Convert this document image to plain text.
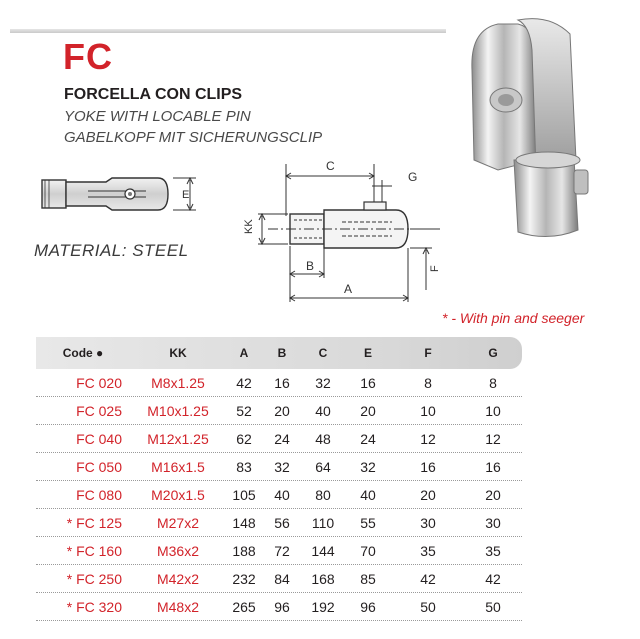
FC
FORCELLA CON CLIPS
YOKE WITH LOCABLE PIN
GABELKOPF MIT SICHERUNGSCLIP
E
C
G
KK
B
A
F
MATERIAL: STEEL
* - With pin and seeger
Code ●	KK	A	B	C	E	F	G
FC 020	M8x1.25	42	16	32	16	8	8
FC 025	M10x1.25	52	20	40	20	10	10
FC 040	M12x1.25	62	24	48	24	12	12
FC 050	M16x1.5	83	32	64	32	16	16
FC 080	M20x1.5	105	40	80	40	20	20
* FC 125	M27x2	148	56	110	55	30	30
* FC 160	M36x2	188	72	144	70	35	35
* FC 250	M42x2	232	84	168	85	42	42
* FC 320	M48x2	265	96	192	96	50	50
